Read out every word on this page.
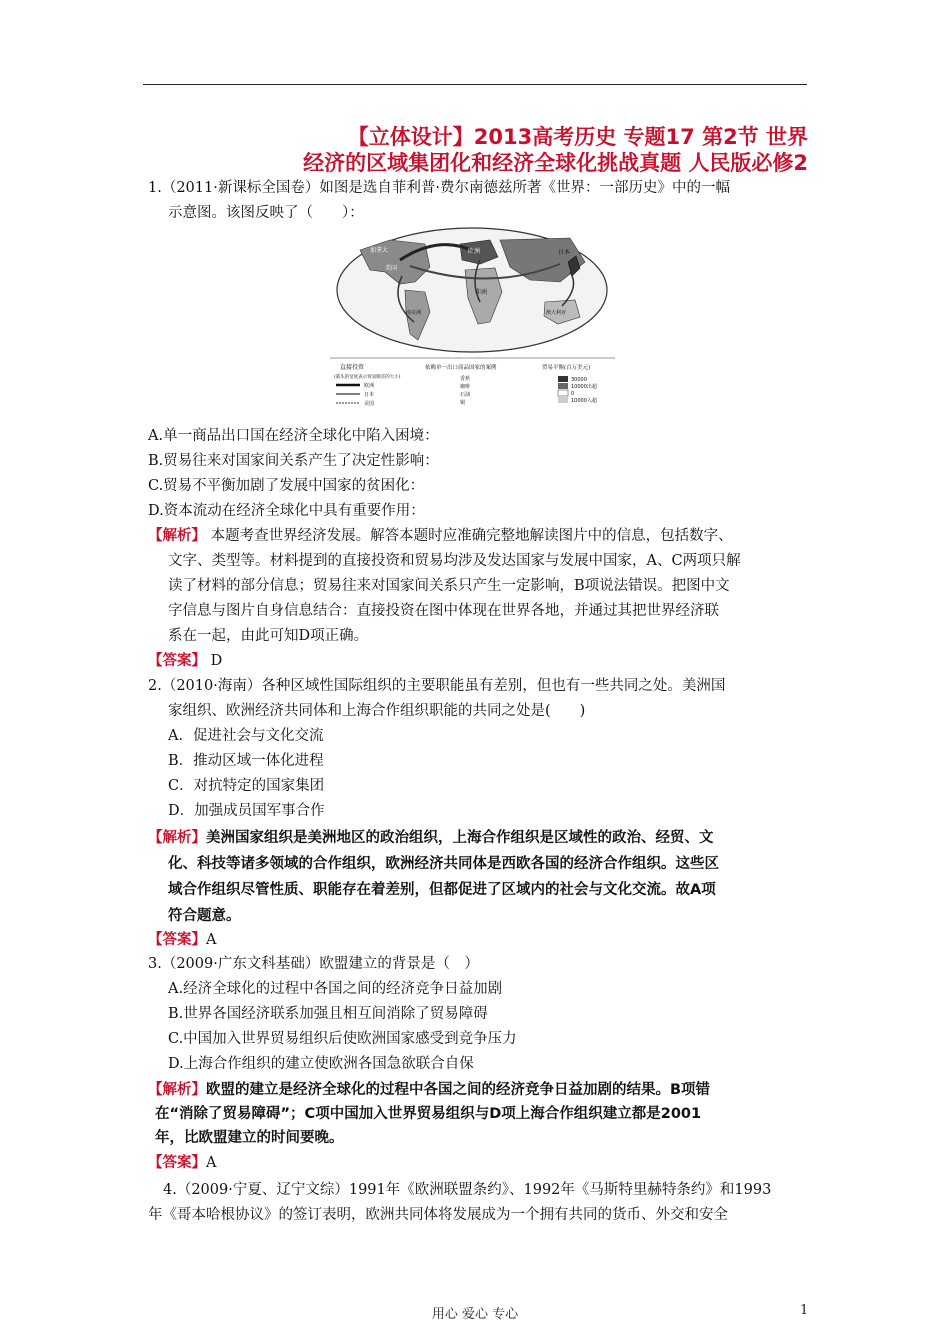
【立体设计】2013高考历史 专题17 第2节 世界
经济的区域集团化和经济全球化挑战真题 人民版必修2
1.（2011·新课标全国卷）如图是选自菲利普·费尔南德兹所著《世界：一部历史》中的一幅
示意图。该图反映了（　　）：
加拿大
美国
南美洲
非洲
欧洲	日本
澳大利亚
直接投资
(箭头的宽度表示贸易顺差的大小)
欧洲
日本
美国
依赖单一出口商品国家的案例
香蕉
咖啡
石油
铜
贸易平衡(百万美元)
30000
10000出超
0
10000入超
A.单一商品出口国在经济全球化中陷入困境：
B.贸易往来对国家间关系产生了决定性影响：
C.贸易不平衡加剧了发展中国家的贫困化：
D.资本流动在经济全球化中具有重要作用：
【解析】 本题考查世界经济发展。解答本题时应准确完整地解读图片中的信息，包括数字、
文字、类型等。材料提到的直接投资和贸易均涉及发达国家与发展中国家，A、C两项只解
读了材料的部分信息；贸易往来对国家间关系只产生一定影响，B项说法错误。把图中文
字信息与图片自身信息结合：直接投资在图中体现在世界各地，并通过其把世界经济联
系在一起，由此可知D项正确。
【答案】 D
2.（2010·海南）各种区域性国际组织的主要职能虽有差别，但也有一些共同之处。美洲国
家组织、欧洲经济共同体和上海合作组织职能的共同之处是(　　)
A．促进社会与文化交流
B．推动区域一体化进程
C．对抗特定的国家集团
D．加强成员国军事合作
【解析】美洲国家组织是美洲地区的政治组织，上海合作组织是区域性的政治、经贸、文
化、科技等诸多领域的合作组织，欧洲经济共同体是西欧各国的经济合作组织。这些区
域合作组织尽管性质、职能存在着差别，但都促进了区域内的社会与文化交流。故A项
符合题意。
【答案】A
3.（2009·广东文科基础）欧盟建立的背景是（　）
A.经济全球化的过程中各国之间的经济竞争日益加剧
B.世界各国经济联系加强且相互间消除了贸易障碍
C.中国加入世界贸易组织后使欧洲国家感受到竞争压力
D.上海合作组织的建立使欧洲各国急欲联合自保
【解析】欧盟的建立是经济全球化的过程中各国之间的经济竞争日益加剧的结果。B项错
在“消除了贸易障碍”；C项中国加入世界贸易组织与D项上海合作组织建立都是2001
年，比欧盟建立的时间要晚。
【答案】A
4.（2009·宁夏、辽宁文综）1991年《欧洲联盟条约》、1992年《马斯特里赫特条约》和1993
年《哥本哈根协议》的签订表明，欧洲共同体将发展成为一个拥有共同的货币、外交和安全
用心 爱心 专心	1
